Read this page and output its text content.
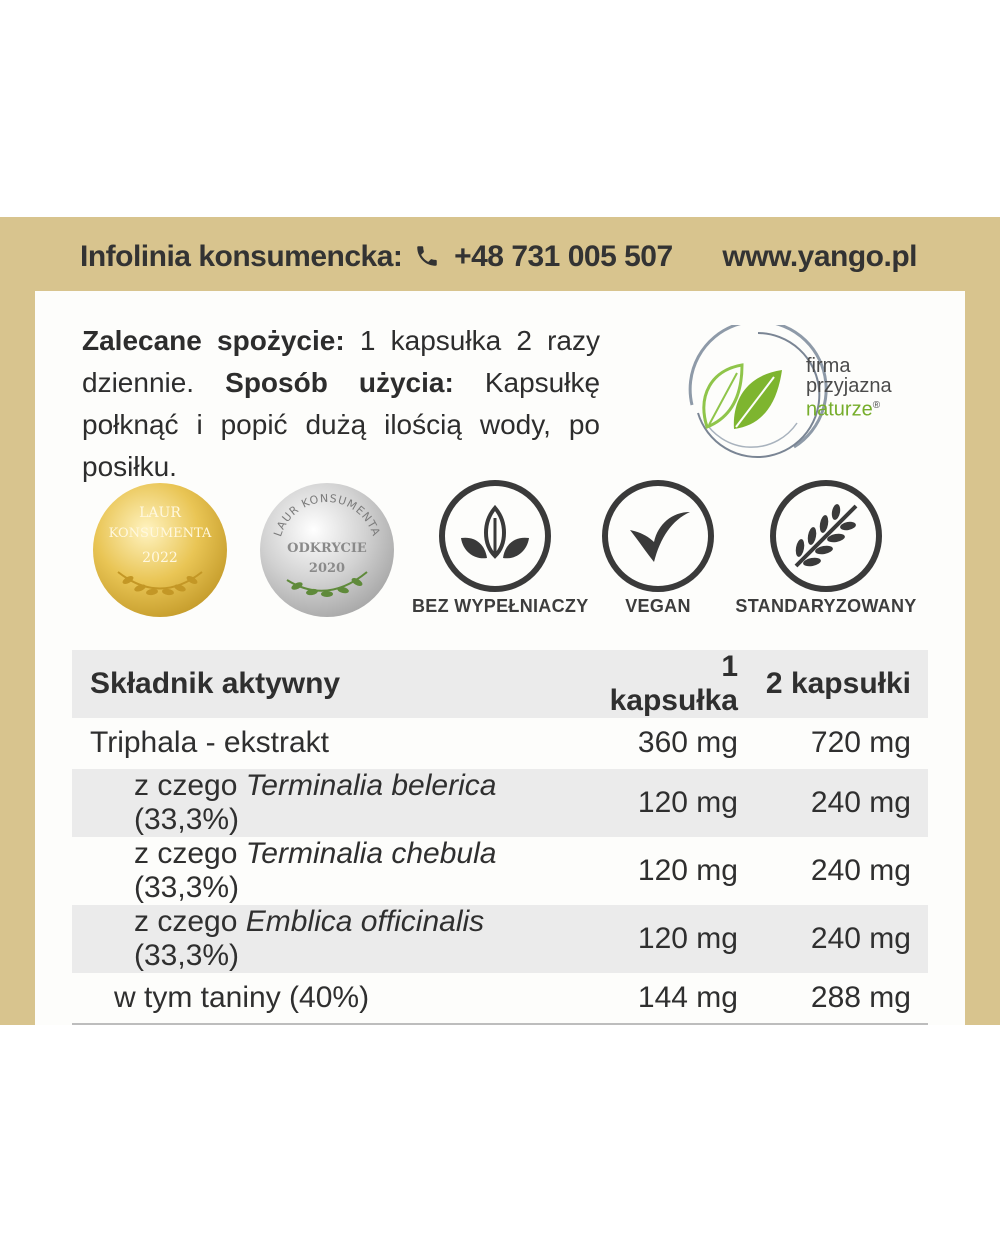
Infolinia konsumencka: +48 731 005 507 www.yango.pl
Zalecane spożycie: 1 kapsułka 2 razy dziennie. Sposób użycia: Kapsułkę połknąć i popić dużą ilością wody, po posiłku.
firma
przyjazna
naturze®
LAUR
KONSUMENTA
2022
LAUR KONSUMENTA
ODKRYCIE
2020
BEZ WYPEŁNIACZY	VEGAN	STANDARYZOWANY
Składnik aktywny	1 kapsułka	2 kapsułki
Triphala - ekstrakt	360 mg	720 mg
z czego Terminalia belerica (33,3%)	120 mg	240 mg
z czego Terminalia chebula (33,3%)	120 mg	240 mg
z czego Emblica officinalis (33,3%)	120 mg	240 mg
w tym taniny (40%)	144 mg	288 mg
